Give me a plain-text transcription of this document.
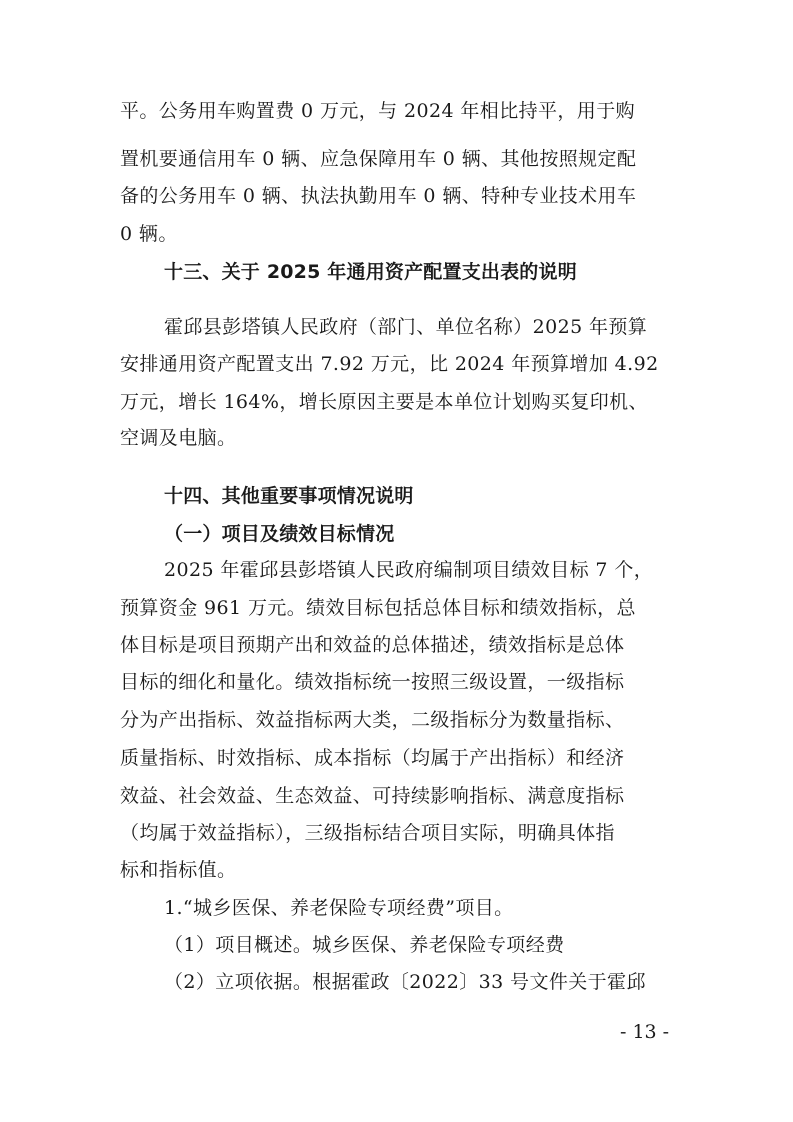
平。公务用车购置费 0 万元，与 2024 年相比持平，用于购
置机要通信用车 0 辆、应急保障用车 0 辆、其他按照规定配
备的公务用车 0 辆、执法执勤用车 0 辆、特种专业技术用车
0 辆。
十三、关于 2025 年通用资产配置支出表的说明
霍邱县彭塔镇人民政府（部门、单位名称）2025 年预算
安排通用资产配置支出 7.92 万元，比 2024 年预算增加 4.92
万元，增长 164%，增长原因主要是本单位计划购买复印机、
空调及电脑。
十四、其他重要事项情况说明
（一）项目及绩效目标情况
2025 年霍邱县彭塔镇人民政府编制项目绩效目标 7 个，
预算资金 961 万元。绩效目标包括总体目标和绩效指标，总
体目标是项目预期产出和效益的总体描述，绩效指标是总体
目标的细化和量化。绩效指标统一按照三级设置，一级指标
分为产出指标、效益指标两大类，二级指标分为数量指标、
质量指标、时效指标、成本指标（均属于产出指标）和经济
效益、社会效益、生态效益、可持续影响指标、满意度指标
（均属于效益指标），三级指标结合项目实际，明确具体指
标和指标值。
1.“城乡医保、养老保险专项经费”项目。
（1）项目概述。城乡医保、养老保险专项经费
（2）立项依据。根据霍政〔2022〕33 号文件关于霍邱
- 13 -
